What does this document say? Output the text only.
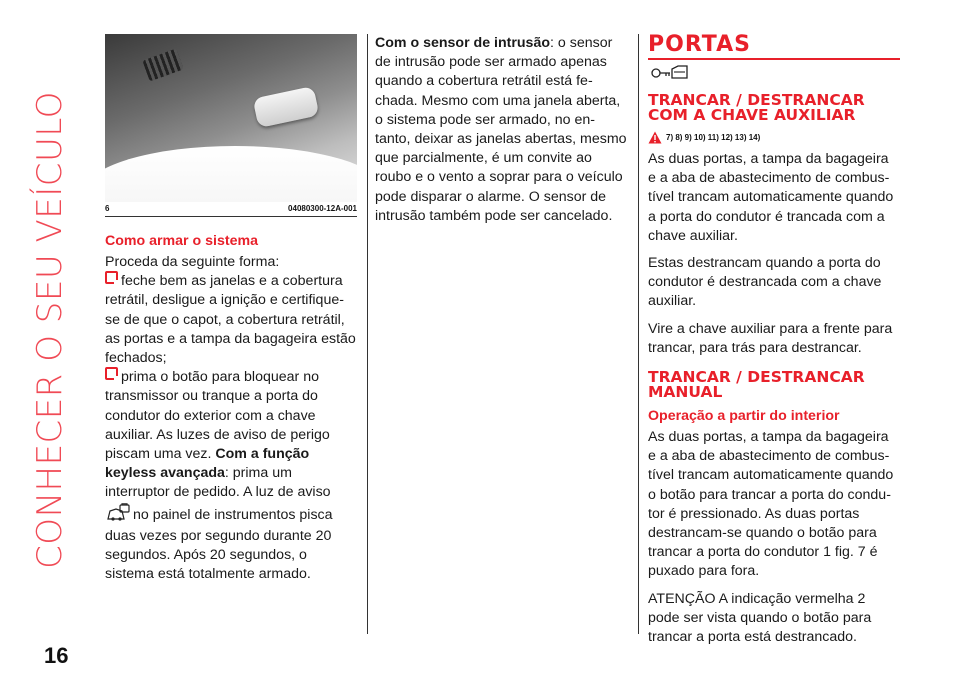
CONHECER O SEU VEÍCULO
16
6	04080300-12A-001
Como armar o sistema

Proceda da seguinte forma:

feche bem as janelas e a cobertura retrátil, desligue a ignição e certifique-se de que o capot, a cobertura retrátil, as portas e a tampa da bagageira estão fechados;

prima o botão para bloquear no transmissor ou tranque a porta do condutor do exterior com a chave auxiliar. As luzes de aviso de perigo piscam uma vez. Com a função keyless avançada: prima um interruptor de pedido. A luz de aviso
no painel de instrumentos pisca duas vezes por segundo durante 20 segundos. Após 20 segundos, o sistema está totalmente armado.

Com o sensor de intrusão: o sensor de intrusão pode ser armado apenas quando a cobertura retrátil está fe-chada. Mesmo com uma janela aberta, o sistema pode ser armado, no en-tanto, deixar as janelas abertas, mesmo que parcialmente, é um convite ao roubo e o vento a soprar para o veículo pode disparar o alarme. O sensor de intrusão também pode ser cancelado.

PORTAS
TRANCAR / DESTRANCAR COM A CHAVE AUXILIAR
7) 8) 9) 10) 11) 12) 13) 14)

As duas portas, a tampa da bagageira e a aba de abastecimento de combus-tível trancam automaticamente quando a porta do condutor é trancada com a chave auxiliar.

Estas destrancam quando a porta do condutor é destrancada com a chave auxiliar.

Vire a chave auxiliar para a frente para trancar, para trás para destrancar.

TRANCAR / DESTRANCAR MANUAL
Operação a partir do interior

As duas portas, a tampa da bagageira e a aba de abastecimento de combus-tível trancam automaticamente quando o botão para trancar a porta do condu-tor é pressionado. As duas portas destrancam-se quando o botão para trancar a porta do condutor 1 fig. 7 é puxado para fora.

ATENÇÃO A indicação vermelha 2 pode ser vista quando o botão para trancar a porta está destrancado.
